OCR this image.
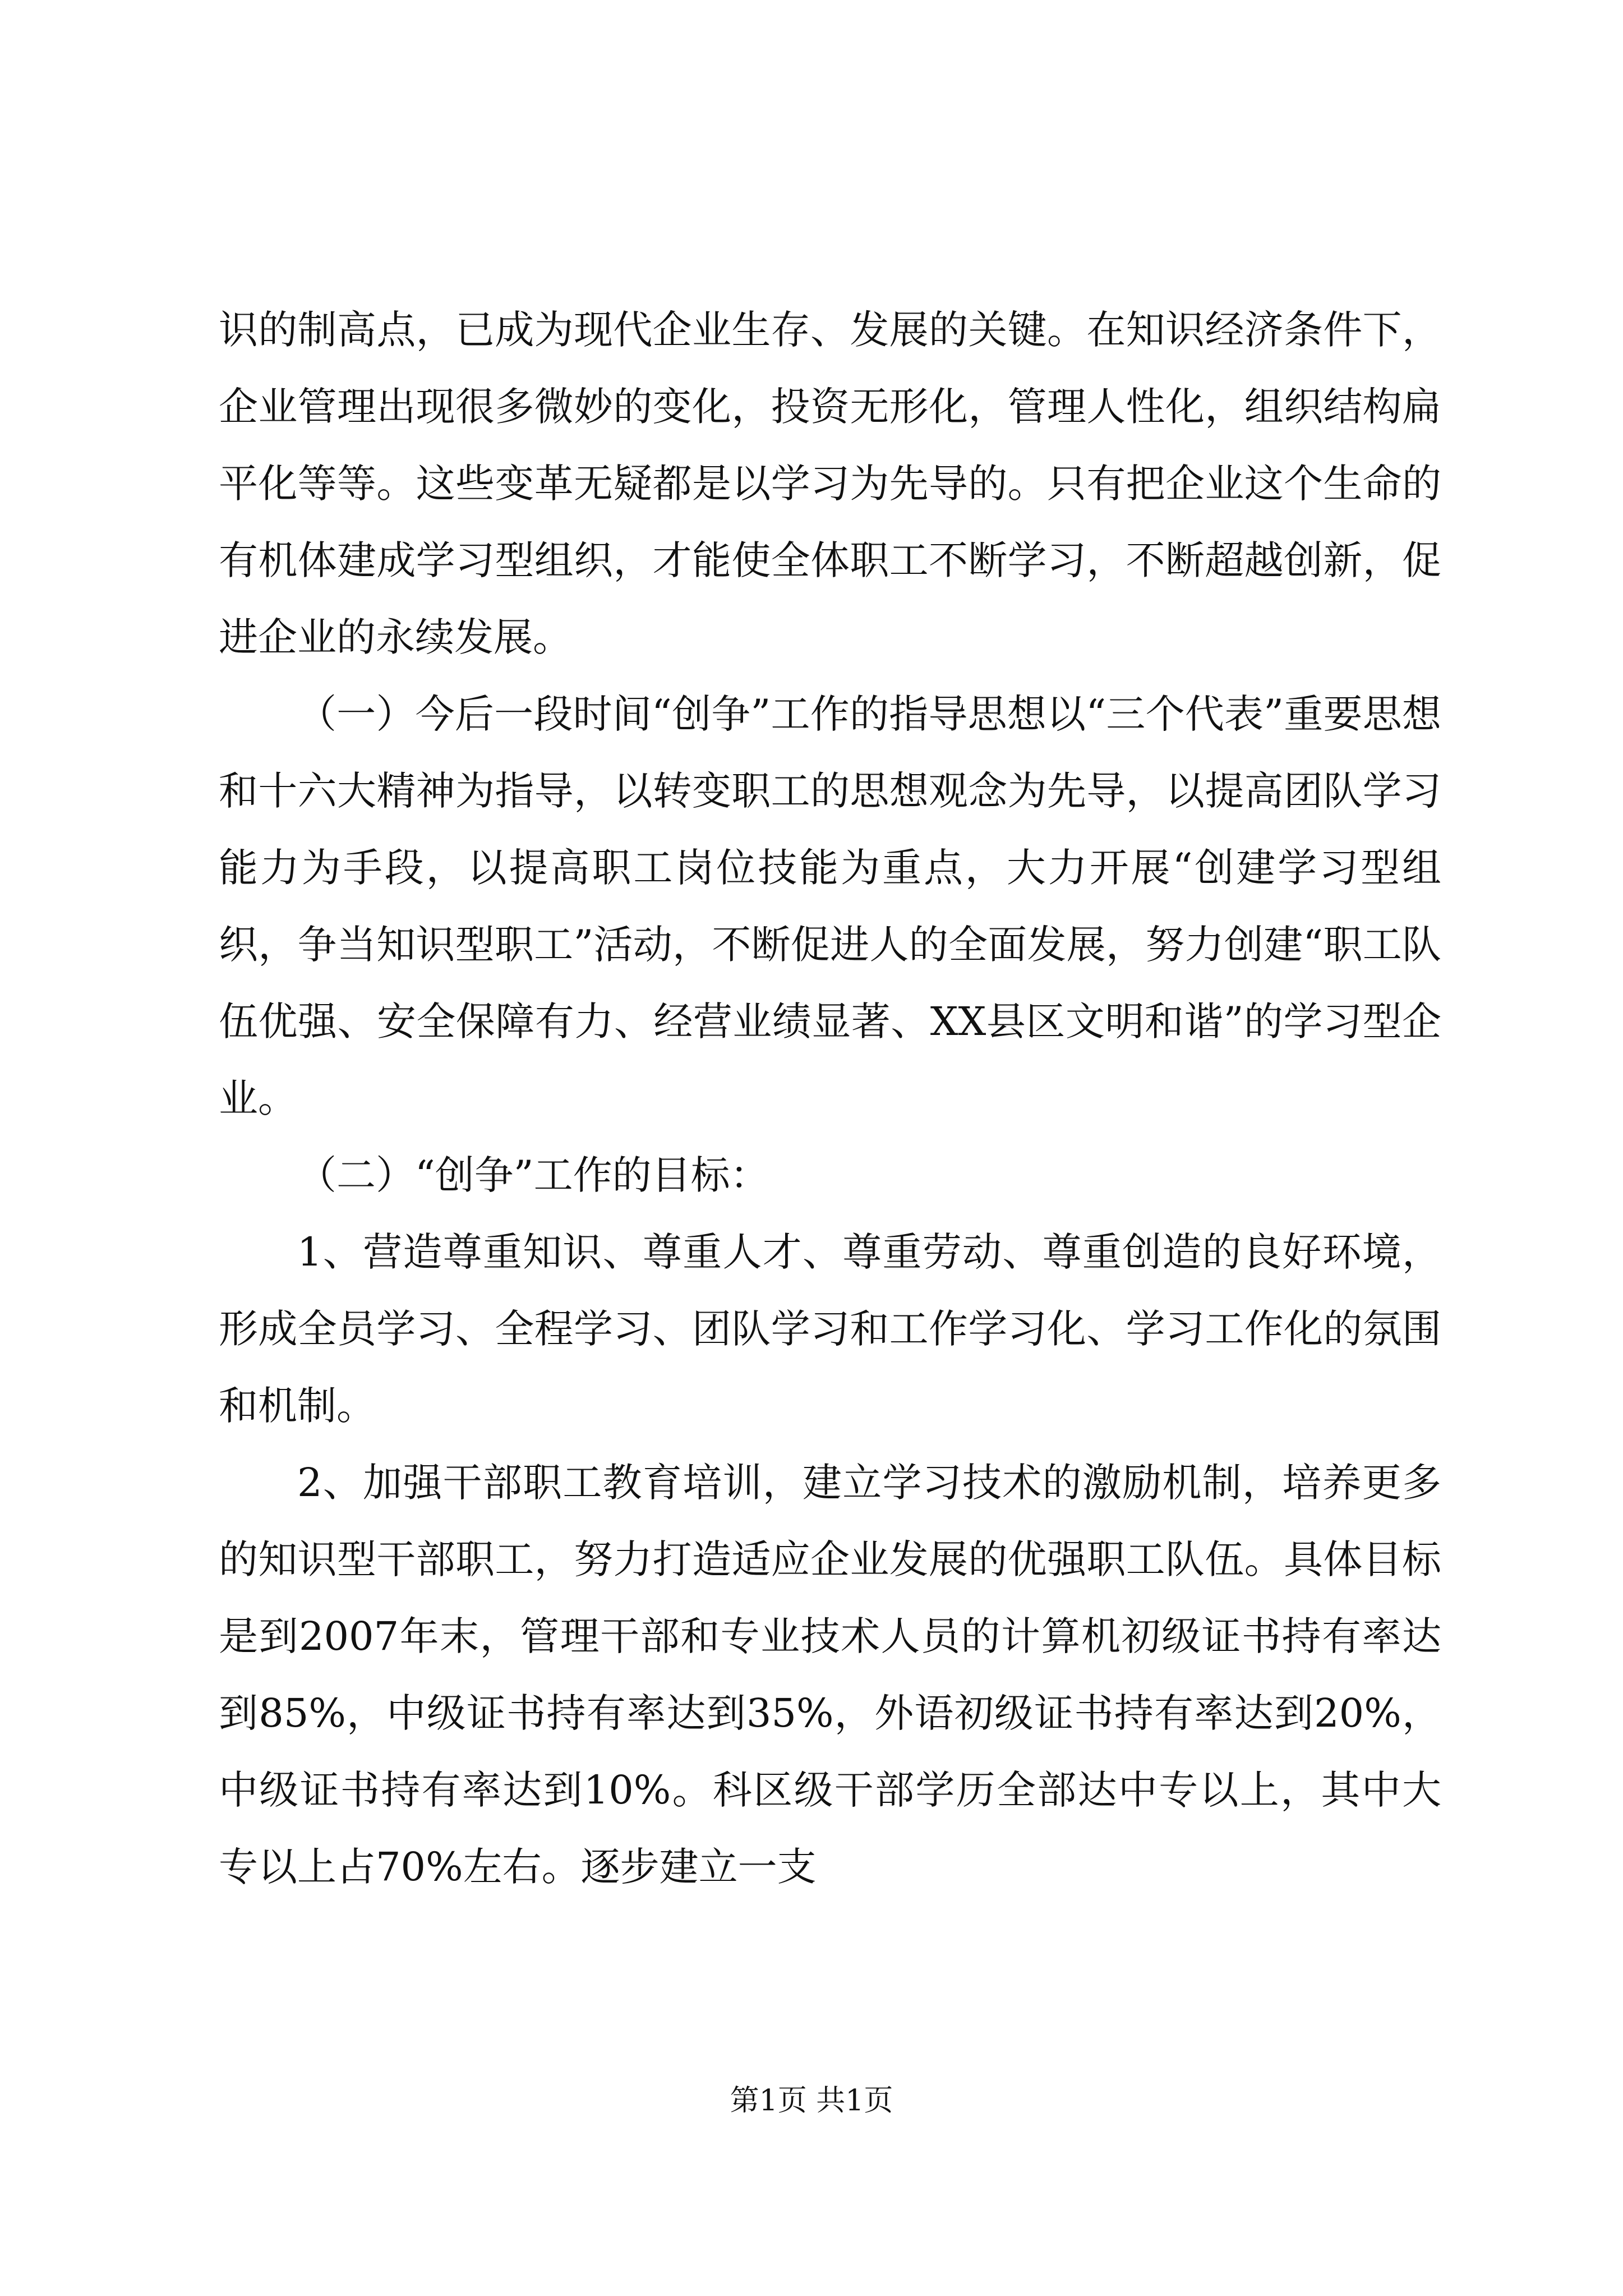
识的制高点，已成为现代企业生存、发展的关键。在知识经济条件下，企业管理出现很多微妙的变化，投资无形化，管理人性化，组织结构扁平化等等。这些变革无疑都是以学习为先导的。只有把企业这个生命的有机体建成学习型组织，才能使全体职工不断学习，不断超越创新，促进企业的永续发展。

（一）今后一段时间“创争”工作的指导思想以“三个代表”重要思想和十六大精神为指导，以转变职工的思想观念为先导，以提高团队学习能力为手段，以提高职工岗位技能为重点，大力开展“创建学习型组织，争当知识型职工”活动，不断促进人的全面发展，努力创建“职工队伍优强、安全保障有力、经营业绩显著、XX县区文明和谐”的学习型企业。

（二）“创争”工作的目标：

1、营造尊重知识、尊重人才、尊重劳动、尊重创造的良好环境，形成全员学习、全程学习、团队学习和工作学习化、学习工作化的氛围和机制。

2、加强干部职工教育培训，建立学习技术的激励机制，培养更多的知识型干部职工，努力打造适应企业发展的优强职工队伍。具体目标是到2007年末，管理干部和专业技术人员的计算机初级证书持有率达到85%，中级证书持有率达到35%，外语初级证书持有率达到20%，中级证书持有率达到10%。科区级干部学历全部达中专以上，其中大专以上占70%左右。逐步建立一支

第1页 共1页
